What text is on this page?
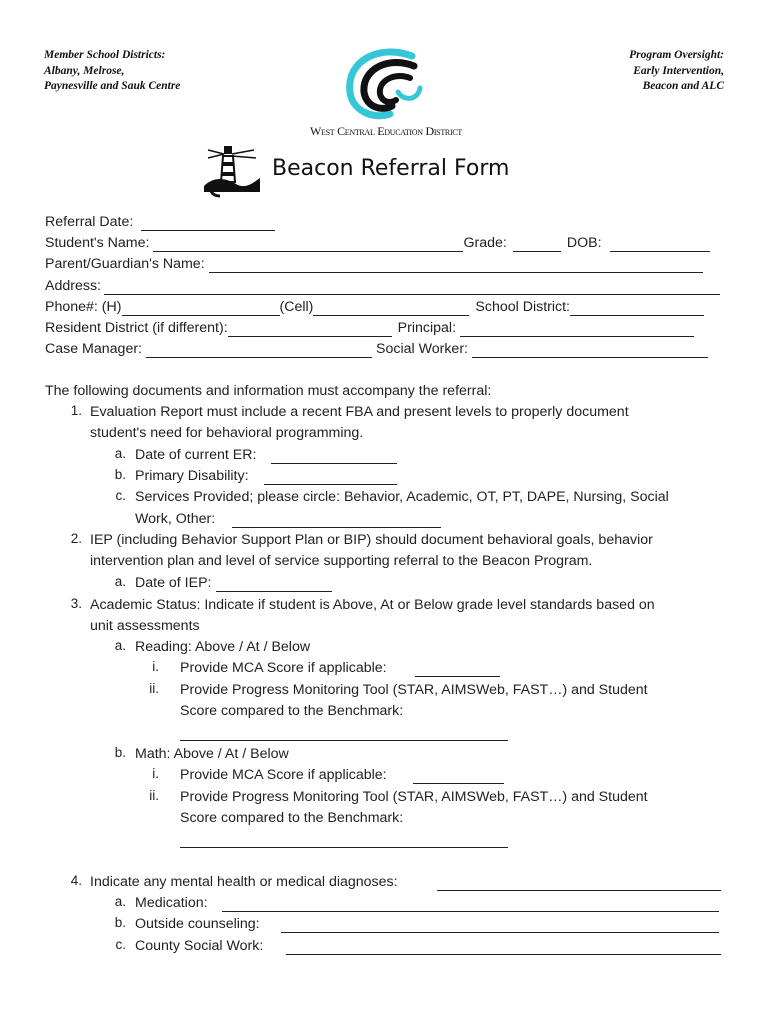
Member School Districts:
Albany, Melrose,
Paynesville and Sauk Centre
Program Oversight:
Early Intervention,
Beacon and ALC
West Central Education District
Beacon Referral Form
Referral Date:
Student's Name:	Grade:	DOB:
Parent/Guardian's Name:
Address:
Phone#: (H)	(Cell)	School District:
Resident District (if different):	Principal:
Case Manager:	Social Worker:
The following documents and information must accompany the referral:
1. Evaluation Report must include a recent FBA and present levels to properly document
student's need for behavioral programming.
a. Date of current ER:
b. Primary Disability:
c. Services Provided; please circle: Behavior, Academic, OT, PT, DAPE, Nursing, Social
Work, Other:
2. IEP (including Behavior Support Plan or BIP) should document behavioral goals, behavior
intervention plan and level of service supporting referral to the Beacon Program.
a. Date of IEP:
3. Academic Status: Indicate if student is Above, At or Below grade level standards based on
unit assessments
a. Reading: Above / At / Below
i. Provide MCA Score if applicable:
ii. Provide Progress Monitoring Tool (STAR, AIMSWeb, FAST…) and Student
Score compared to the Benchmark:
b. Math: Above / At / Below
i. Provide MCA Score if applicable:
ii. Provide Progress Monitoring Tool (STAR, AIMSWeb, FAST…) and Student
Score compared to the Benchmark:
4. Indicate any mental health or medical diagnoses:
a. Medication:
b. Outside counseling:
c. County Social Work:
